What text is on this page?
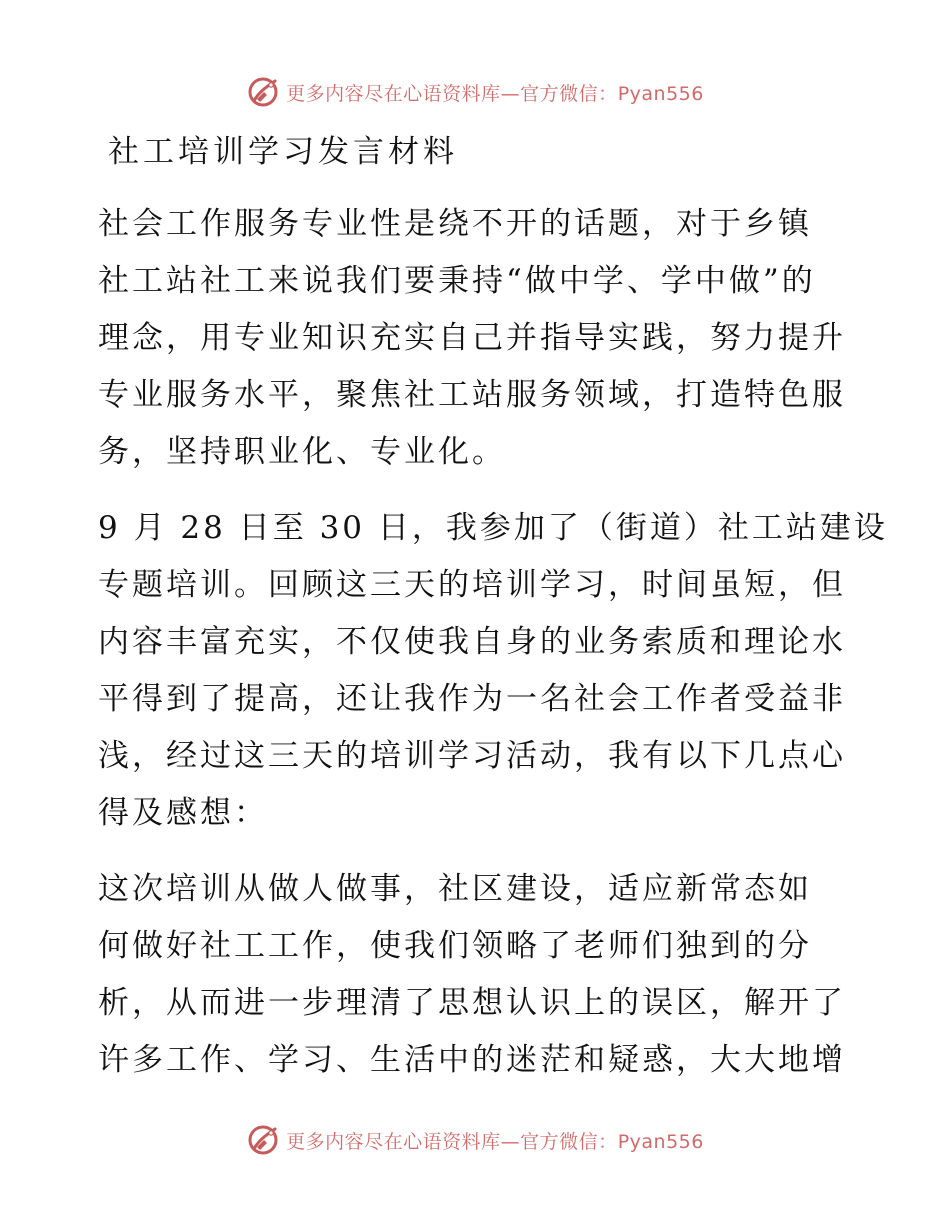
更多内容尽在心语资料库—官方微信：Pyan556
社工培训学习发言材料
社会工作服务专业性是绕不开的话题，对于乡镇
社工站社工来说我们要秉持“做中学、学中做”的
理念，用专业知识充实自己并指导实践，努力提升
专业服务水平，聚焦社工站服务领域，打造特色服
务，坚持职业化、专业化。
9 月 28 日至 30 日，我参加了（街道）社工站建设
专题培训。回顾这三天的培训学习，时间虽短，但
内容丰富充实，不仅使我自身的业务索质和理论水
平得到了提高，还让我作为一名社会工作者受益非
浅，经过这三天的培训学习活动，我有以下几点心
得及感想：
这次培训从做人做事，社区建设，适应新常态如
何做好社工工作，使我们领略了老师们独到的分
析，从而进一步理清了思想认识上的误区，解开了
许多工作、学习、生活中的迷茫和疑惑，大大地增
更多内容尽在心语资料库—官方微信：Pyan556
